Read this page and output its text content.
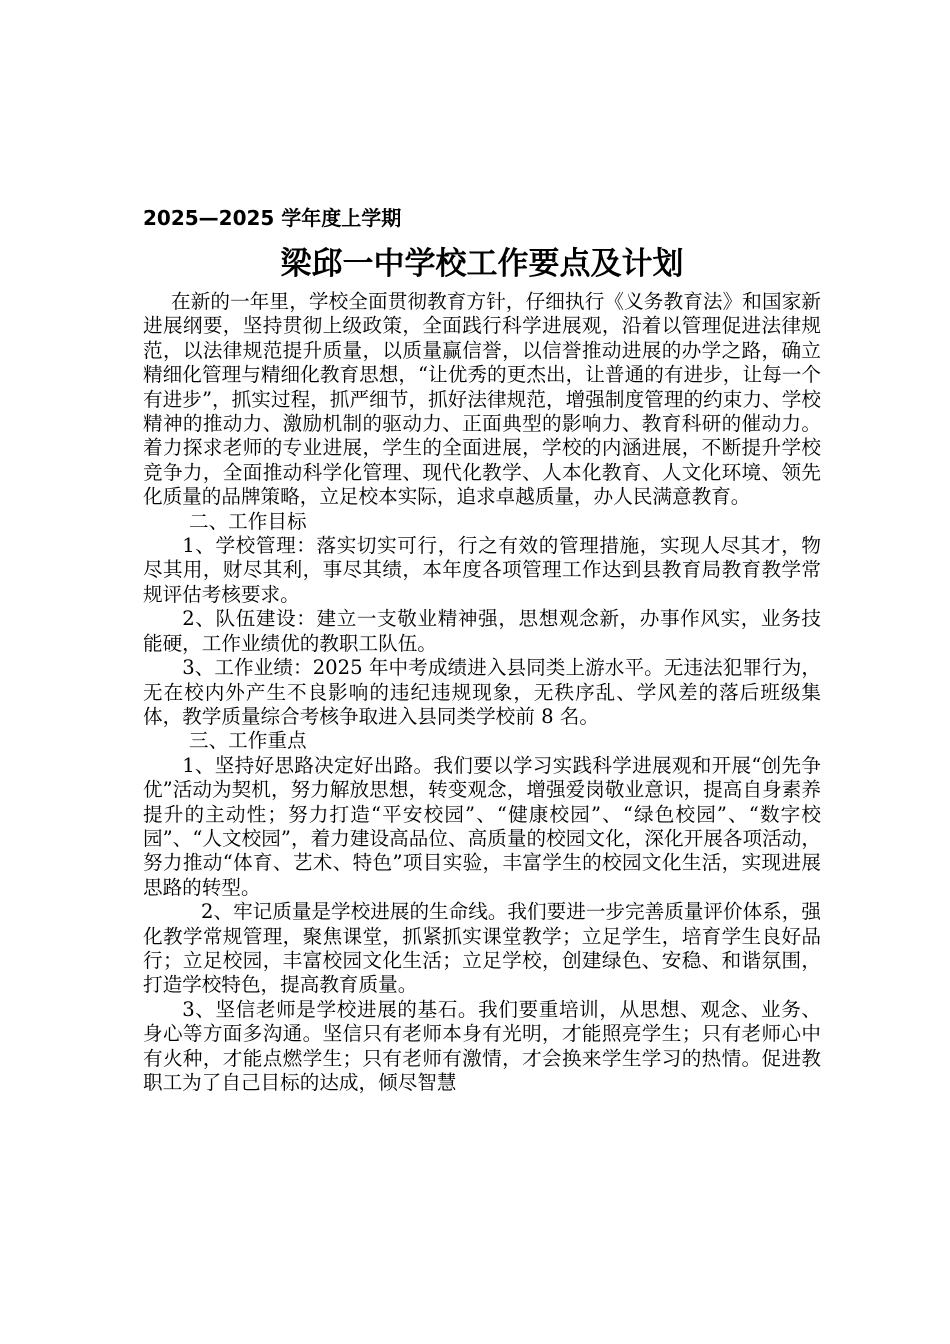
2025—2025 学年度上学期
梁邱一中学校工作要点及计划

在新的一年里，学校全面贯彻教育方针，仔细执行《义务教育法》和国家新进展纲要，坚持贯彻上级政策，全面践行科学进展观，沿着以管理促进法律规范，以法律规范提升质量，以质量赢信誉，以信誉推动进展的办学之路，确立精细化管理与精细化教育思想，“让优秀的更杰出，让普通的有进步，让每一个有进步”，抓实过程，抓严细节，抓好法律规范，增强制度管理的约束力、学校精神的推动力、激励机制的驱动力、正面典型的影响力、教育科研的催动力。着力探求老师的专业进展，学生的全面进展，学校的内涵进展，不断提升学校竞争力，全面推动科学化管理、现代化教学、人本化教育、人文化环境、领先化质量的品牌策略，立足校本实际，追求卓越质量，办人民满意教育。

二、工作目标

1、学校管理：落实切实可行，行之有效的管理措施，实现人尽其才，物尽其用，财尽其利，事尽其绩，本年度各项管理工作达到县教育局教育教学常规评估考核要求。

2、队伍建设：建立一支敬业精神强，思想观念新，办事作风实，业务技能硬，工作业绩优的教职工队伍。

3、工作业绩：2025 年中考成绩进入县同类上游水平。无违法犯罪行为，无在校内外产生不良影响的违纪违规现象，无秩序乱、学风差的落后班级集体，教学质量综合考核争取进入县同类学校前 8 名。

三、工作重点

1、坚持好思路决定好出路。我们要以学习实践科学进展观和开展“创先争优”活动为契机，努力解放思想，转变观念，增强爱岗敬业意识，提高自身素养提升的主动性；努力打造“平安校园”、“健康校园”、“绿色校园”、“数字校园”、“人文校园”，着力建设高品位、高质量的校园文化，深化开展各项活动，努力推动“体育、艺术、特色”项目实验，丰富学生的校园文化生活，实现进展思路的转型。

2、牢记质量是学校进展的生命线。我们要进一步完善质量评价体系，强化教学常规管理，聚焦课堂，抓紧抓实课堂教学；立足学生，培育学生良好品行；立足校园，丰富校园文化生活；立足学校，创建绿色、安稳、和谐氛围，打造学校特色，提高教育质量。

3、坚信老师是学校进展的基石。我们要重培训，从思想、观念、业务、身心等方面多沟通。坚信只有老师本身有光明，才能照亮学生；只有老师心中有火种，才能点燃学生；只有老师有激情，才会换来学生学习的热情。促进教职工为了自己目标的达成，倾尽智慧
